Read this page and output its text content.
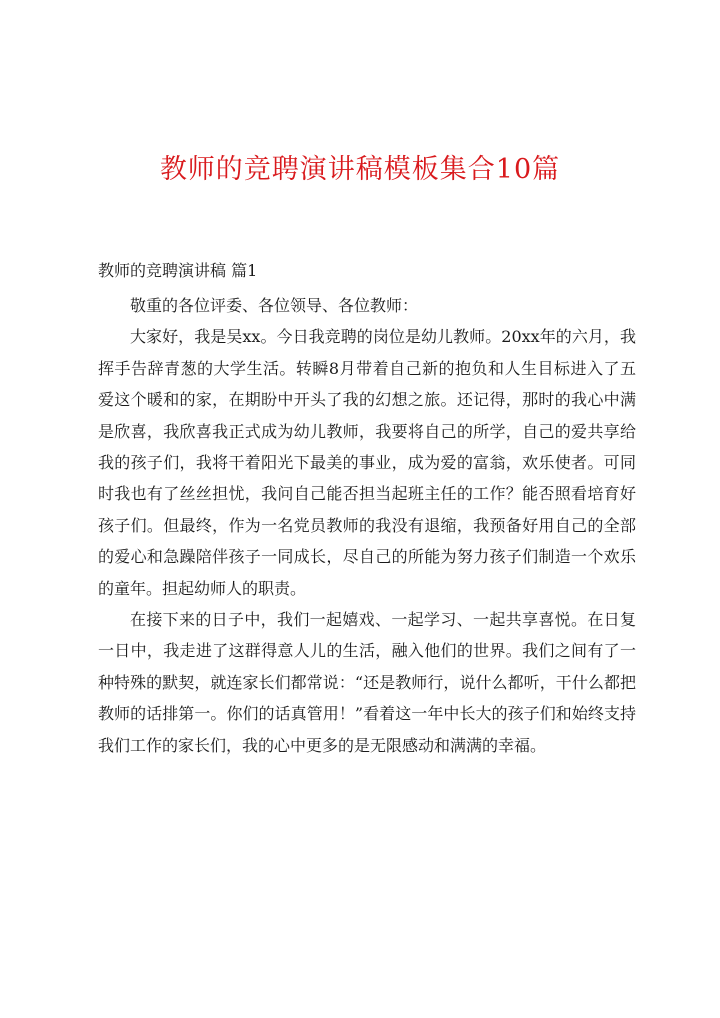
教师的竞聘演讲稿模板集合10篇
教师的竞聘演讲稿 篇1

敬重的各位评委、各位领导、各位教师：

大家好，我是吴xx。今日我竞聘的岗位是幼儿教师。20xx年的六月，我挥手告辞青葱的大学生活。转瞬8月带着自己新的抱负和人生目标进入了五爱这个暖和的家，在期盼中开头了我的幻想之旅。还记得，那时的我心中满是欣喜，我欣喜我正式成为幼儿教师，我要将自己的所学，自己的爱共享给我的孩子们，我将干着阳光下最美的事业，成为爱的富翁，欢乐使者。可同时我也有了丝丝担忧，我问自己能否担当起班主任的工作？能否照看培育好孩子们。但最终，作为一名党员教师的我没有退缩，我预备好用自己的全部的爱心和急躁陪伴孩子一同成长，尽自己的所能为努力孩子们制造一个欢乐的童年。担起幼师人的职责。

在接下来的日子中，我们一起嬉戏、一起学习、一起共享喜悦。在日复一日中，我走进了这群得意人儿的生活，融入他们的世界。我们之间有了一种特殊的默契，就连家长们都常说：“还是教师行，说什么都听，干什么都把教师的话排第一。你们的话真管用！”看着这一年中长大的孩子们和始终支持我们工作的家长们，我的心中更多的是无限感动和满满的幸福。
